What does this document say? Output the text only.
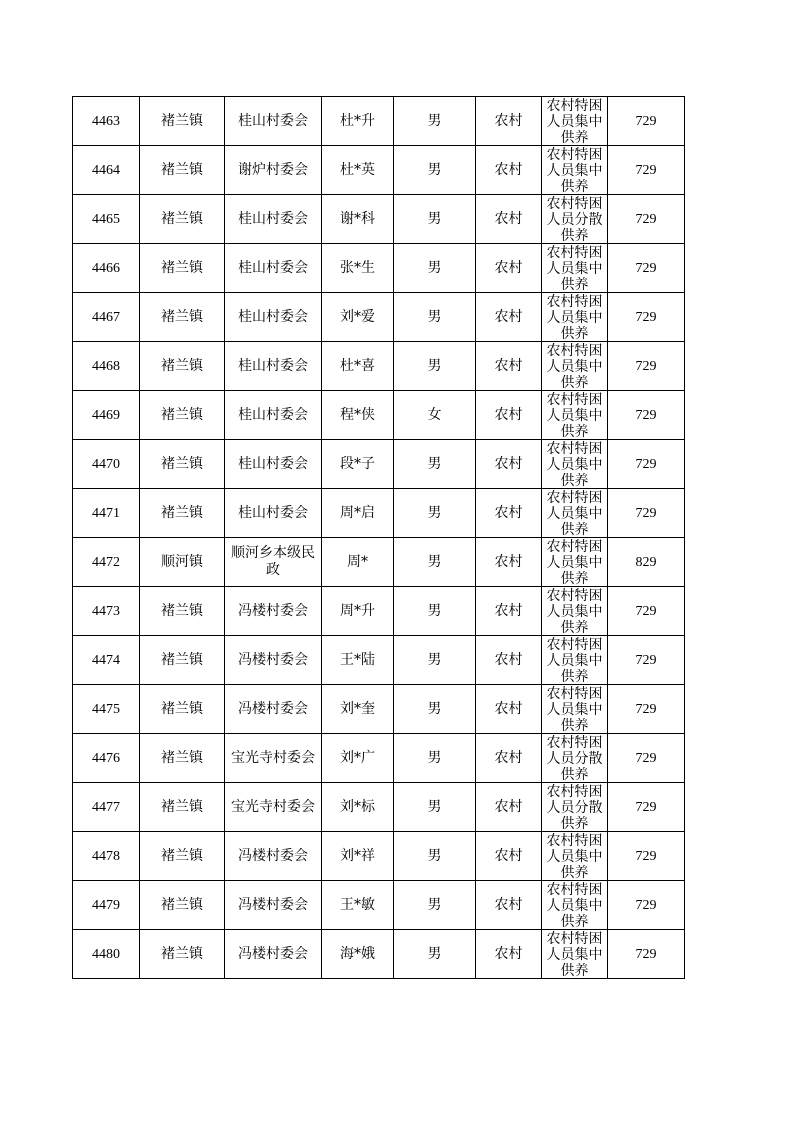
4463	褚兰镇	桂山村委会	杜*升	男	农村	农村特困人员集中供养	729
4464	褚兰镇	谢炉村委会	杜*英	男	农村	农村特困人员集中供养	729
4465	褚兰镇	桂山村委会	谢*科	男	农村	农村特困人员分散供养	729
4466	褚兰镇	桂山村委会	张*生	男	农村	农村特困人员集中供养	729
4467	褚兰镇	桂山村委会	刘*爱	男	农村	农村特困人员集中供养	729
4468	褚兰镇	桂山村委会	杜*喜	男	农村	农村特困人员集中供养	729
4469	褚兰镇	桂山村委会	程*侠	女	农村	农村特困人员集中供养	729
4470	褚兰镇	桂山村委会	段*子	男	农村	农村特困人员集中供养	729
4471	褚兰镇	桂山村委会	周*启	男	农村	农村特困人员集中供养	729
4472	顺河镇	顺河乡本级民政	周*	男	农村	农村特困人员集中供养	829
4473	褚兰镇	冯楼村委会	周*升	男	农村	农村特困人员集中供养	729
4474	褚兰镇	冯楼村委会	王*陆	男	农村	农村特困人员集中供养	729
4475	褚兰镇	冯楼村委会	刘*奎	男	农村	农村特困人员集中供养	729
4476	褚兰镇	宝光寺村委会	刘*广	男	农村	农村特困人员分散供养	729
4477	褚兰镇	宝光寺村委会	刘*标	男	农村	农村特困人员分散供养	729
4478	褚兰镇	冯楼村委会	刘*祥	男	农村	农村特困人员集中供养	729
4479	褚兰镇	冯楼村委会	王*敏	男	农村	农村特困人员集中供养	729
4480	褚兰镇	冯楼村委会	海*娥	男	农村	农村特困人员集中供养	729
